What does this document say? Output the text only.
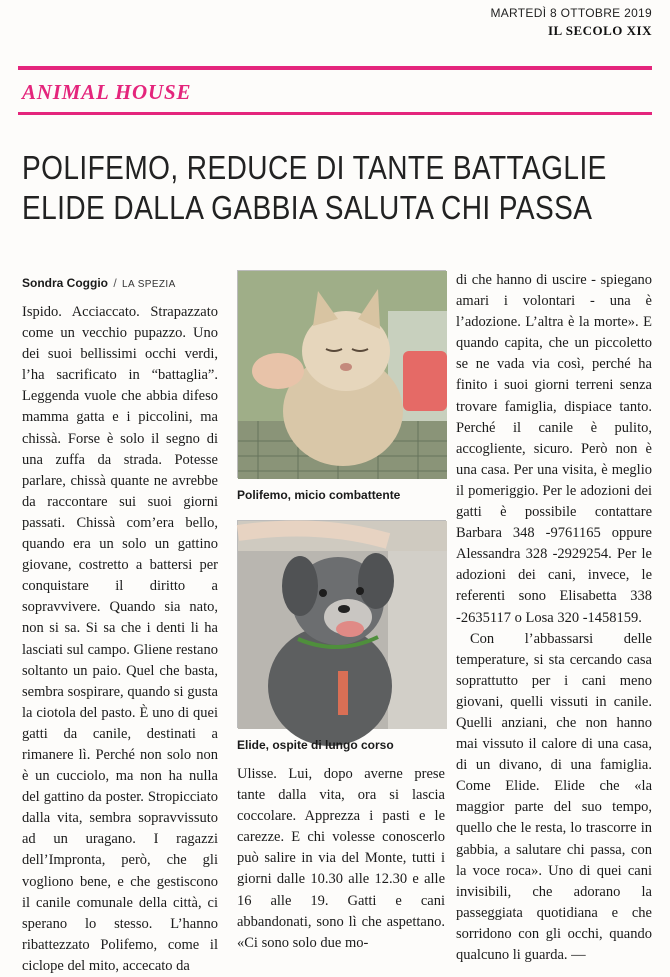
MARTEDÌ 8 OTTOBRE 2019
IL SECOLO XIX
ANIMAL HOUSE
POLIFEMO, REDUCE DI TANTE BATTAGLIE
ELIDE DALLA GABBIA SALUTA CHI PASSA
Sondra Coggio / LA SPEZIA

Ispido. Acciaccato. Strapazzato come un vecchio pupazzo. Uno dei suoi bellissimi occhi verdi, l’ha sacrificato in “battaglia”. Leggenda vuole che abbia difeso mamma gatta e i piccolini, ma chissà. Forse è solo il segno di una zuffa da strada. Potesse parlare, chissà quante ne avrebbe da raccontare sui suoi giorni passati. Chissà com’era bello, quando era un solo un gattino giovane, costretto a battersi per conquistare il diritto a sopravvivere. Quando sia nato, non si sa. Si sa che i denti li ha lasciati sul campo. Gliene restano soltanto un paio. Quel che basta, sembra sospirare, quando si gusta la ciotola del pasto. È uno di quei gatti da canile, destinati a rimanere lì. Perché non solo non è un cucciolo, ma non ha nulla del gattino da poster. Stropicciato dalla vita, sembra sopravvissuto ad un uragano. I ragazzi dell’Impronta, però, che gli vogliono bene, e che gestiscono il canile comunale della città, ci sperano lo stesso. L’hanno ribattezzato Polifemo, come il ciclope del mito, accecato da

Polifemo, micio combattente
Elide, ospite di lungo corso

Ulisse. Lui, dopo averne prese tante dalla vita, ora si lascia coccolare. Apprezza i pasti e le carezze. E chi volesse conoscerlo può salire in via del Monte, tutti i giorni dalle 10.30 alle 12.30 e alle 16 alle 19. Gatti e cani abbandonati, sono lì che aspettano. «Ci sono solo due mo-

di che hanno di uscire - spiegano amari i volontari - una è l’adozione. L’altra è la morte». E quando capita, che un piccoletto se ne vada via così, perché ha finito i suoi giorni terreni senza trovare famiglia, dispiace tanto. Perché il canile è pulito, accogliente, sicuro. Però non è una casa. Per una visita, è meglio il pomeriggio. Per le adozioni dei gatti è possibile contattare Barbara 348 -9761165 oppure Alessandra 328 -2929254. Per le adozioni dei cani, invece, le referenti sono Elisabetta 338 -2635117 o Losa 320 -1458159.

Con l’abbassarsi delle temperature, si sta cercando casa soprattutto per i cani meno giovani, quelli vissuti in canile. Quelli anziani, che non hanno mai vissuto il calore di una casa, di un divano, di una famiglia. Come Elide. Elide che «la maggior parte del suo tempo, quello che le resta, lo trascorre in gabbia, a salutare chi passa, con la voce roca». Uno di quei cani invisibili, che adorano la passeggiata quotidiana e che sorridono con gli occhi, quando qualcuno li guarda. —
